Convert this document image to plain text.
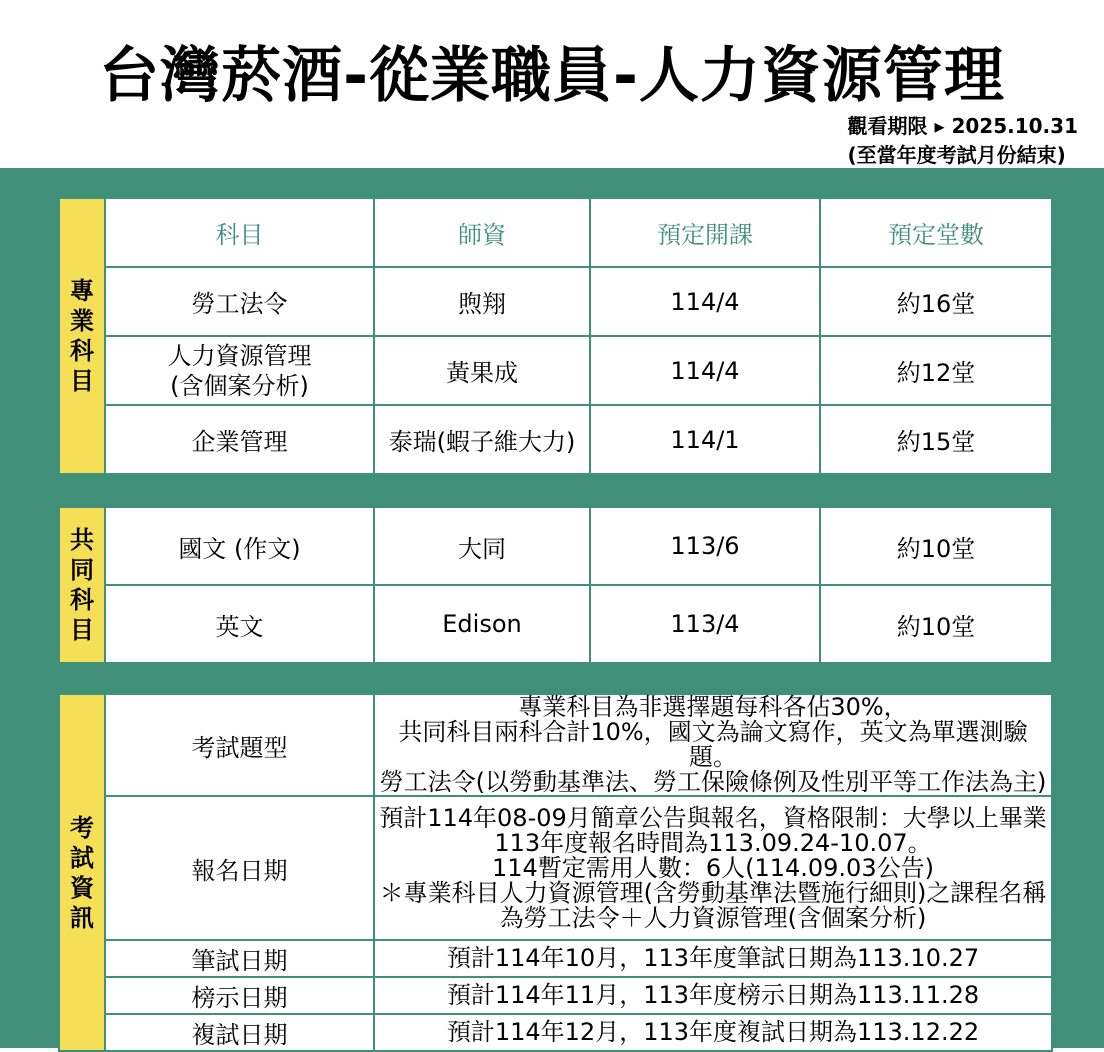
台灣菸酒-從業職員-人力資源管理
觀看期限 ▸ 2025.10.31
(至當年度考試月份結束)
專業科目	科目	師資	預定開課	預定堂數
	勞工法令	煦翔	114/4	約16堂
	人力資源管理
(含個案分析)	黃果成	114/4	約12堂
	企業管理	泰瑞(蝦子維大力)	114/1	約15堂
共同科目	國文 (作文)	大同	113/6	約10堂
	英文	Edison	113/4	約10堂
考試資訊	考試題型	專業科目為非選擇題每科各佔30%，
共同科目兩科合計10%，國文為論文寫作，英文為單選測驗題。
勞工法令(以勞動基準法、勞工保險條例及性別平等工作法為主)
	報名日期	預計114年08-09月簡章公告與報名，資格限制：大學以上畢業
113年度報名時間為113.09.24-10.07。
114暫定需用人數：6人(114.09.03公告)
＊專業科目人力資源管理(含勞動基準法暨施行細則)之課程名稱
為勞工法令＋人力資源管理(含個案分析)
	筆試日期	預計114年10月，113年度筆試日期為113.10.27
	榜示日期	預計114年11月，113年度榜示日期為113.11.28
	複試日期	預計114年12月，113年度複試日期為113.12.22
